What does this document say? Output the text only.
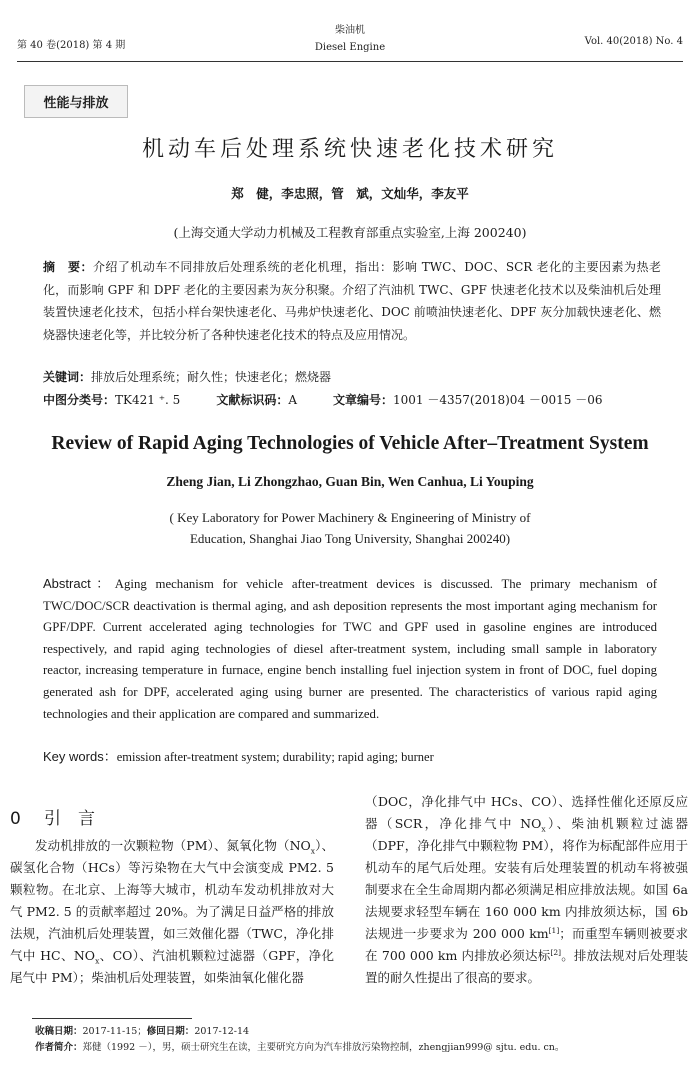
第 40 卷(2018) 第 4 期
柴油机
Diesel Engine
Vol. 40(2018) No. 4
性能与排放
机动车后处理系统快速老化技术研究
郑　健，李忠照，管　斌，文灿华，李友平
(上海交通大学动力机械及工程教育部重点实验室,上海 200240)

摘　要：介绍了机动车不同排放后处理系统的老化机理，指出：影响 TWC、DOC、SCR 老化的主要因素为热老化，而影响 GPF 和 DPF 老化的主要因素为灰分积聚。介绍了汽油机 TWC、GPF 快速老化技术以及柴油机后处理装置快速老化技术，包括小样台架快速老化、马弗炉快速老化、DOC 前喷油快速老化、DPF 灰分加载快速老化、燃烧器快速老化等，并比较分析了各种快速老化技术的特点及应用情况。

关键词：排放后处理系统；耐久性；快速老化；燃烧器
中图分类号：TK421 ⁺. 5	文献标识码：A	文章编号：1001 －4357(2018)04 －0015 －06
Review of Rapid Aging Technologies of Vehicle After–Treatment System
Zheng Jian, Li Zhongzhao, Guan Bin, Wen Canhua, Li Youping
( Key Laboratory for Power Machinery & Engineering of Ministry of
Education, Shanghai Jiao Tong University, Shanghai 200240)

Abstract：Aging mechanism for vehicle after-treatment devices is discussed. The primary mechanism of TWC/DOC/SCR deactivation is thermal aging, and ash deposition represents the most important aging mechanism for GPF/DPF. Current accelerated aging technologies for TWC and GPF used in gasoline engines are introduced respectively, and rapid aging technologies of diesel after-treatment system, including small sample in laboratory reactor, increasing temperature in furnace, engine bench installing fuel injection system in front of DOC, fuel doping generated ash for DPF, accelerated aging using burner are presented. The characteristics of various rapid aging technologies and their application are compared and summarized.

Key words：emission after-treatment system; durability; rapid aging; burner
0 引　言

发动机排放的一次颗粒物（PM）、氮氧化物$(NO_x)$、碳氢化合物（HCs）等污染物在大气中会演变成 PM2. 5 颗粒物。在北京、上海等大城市，机动车发动机排放对大气 PM2. 5 的贡献率超过 20%。为了满足日益严格的排放法规，汽油机后处理装置，如三效催化器（TWC，净化排气中 HC、$NO_x$、CO）、汽油机颗粒过滤器（GPF，净化尾气中 PM）；柴油机后处理装置，如柴油氧化催化器

（DOC，净化排气中 HCs、CO）、选择性催化还原反应器（SCR，净化排气中 $NO_x$）、柴油机颗粒过滤器（DPF，净化排气中颗粒物 PM），将作为标配部件应用于机动车的尾气后处理。安装有后处理装置的机动车将被强制要求在全生命周期内都必须满足相应排放法规。如国 6a 法规要求轻型车辆在 160 000 km 内排放须达标，国 6b 法规进一步要求为 200 000 km[1]；而重型车辆则被要求在 700 000 km 内排放必须达标[2]。排放法规对后处理装置的耐久性提出了很高的要求。

收稿日期：2017-11-15；修回日期：2017-12-14
作者简介：郑健（1992 －），男，硕士研究生在读，主要研究方向为汽车排放污染物控制，zhengjian999@ sjtu. edu. cn。
